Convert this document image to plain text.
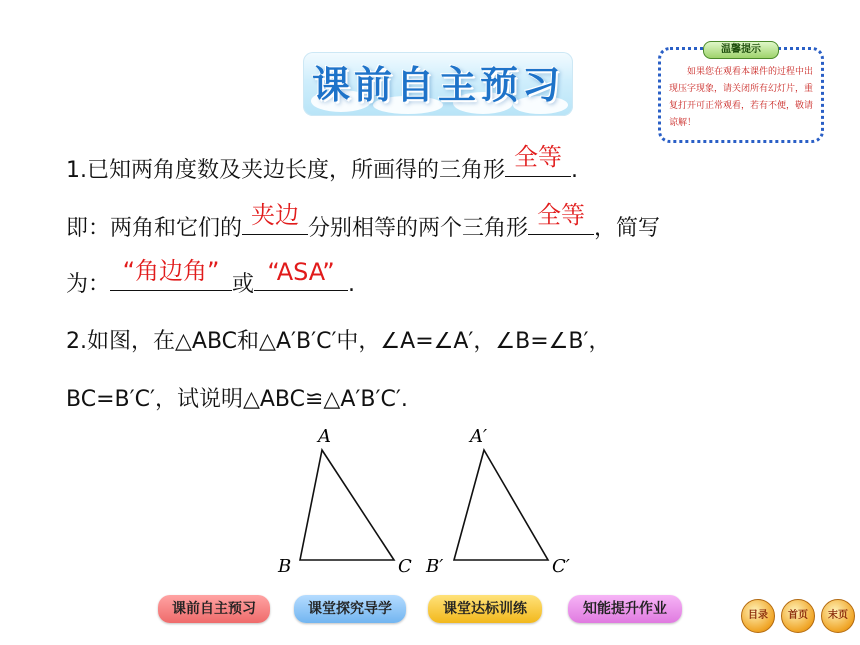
课前自主预习
温馨提示
如果您在观看本课件的过程中出现压字现象，请关闭所有幻灯片，重复打开可正常观看，若有不便，敬请谅解！
1.已知两角度数及夹边长度，所画得的三角形 全等 .
即：两角和它们的 夹边 分别相等的两个三角形 全等 ，简写
为： “角边角” 或 “ASA” .
2.如图，在△ABC和△A′B′C′中，∠A=∠A′，∠B=∠B′，
BC=B′C′，试说明△ABC≌△A′B′C′.
A
B	C
A′
B′	C′
课前自主预习	课堂探究导学	课堂达标训练	知能提升作业	目录	首页	末页
